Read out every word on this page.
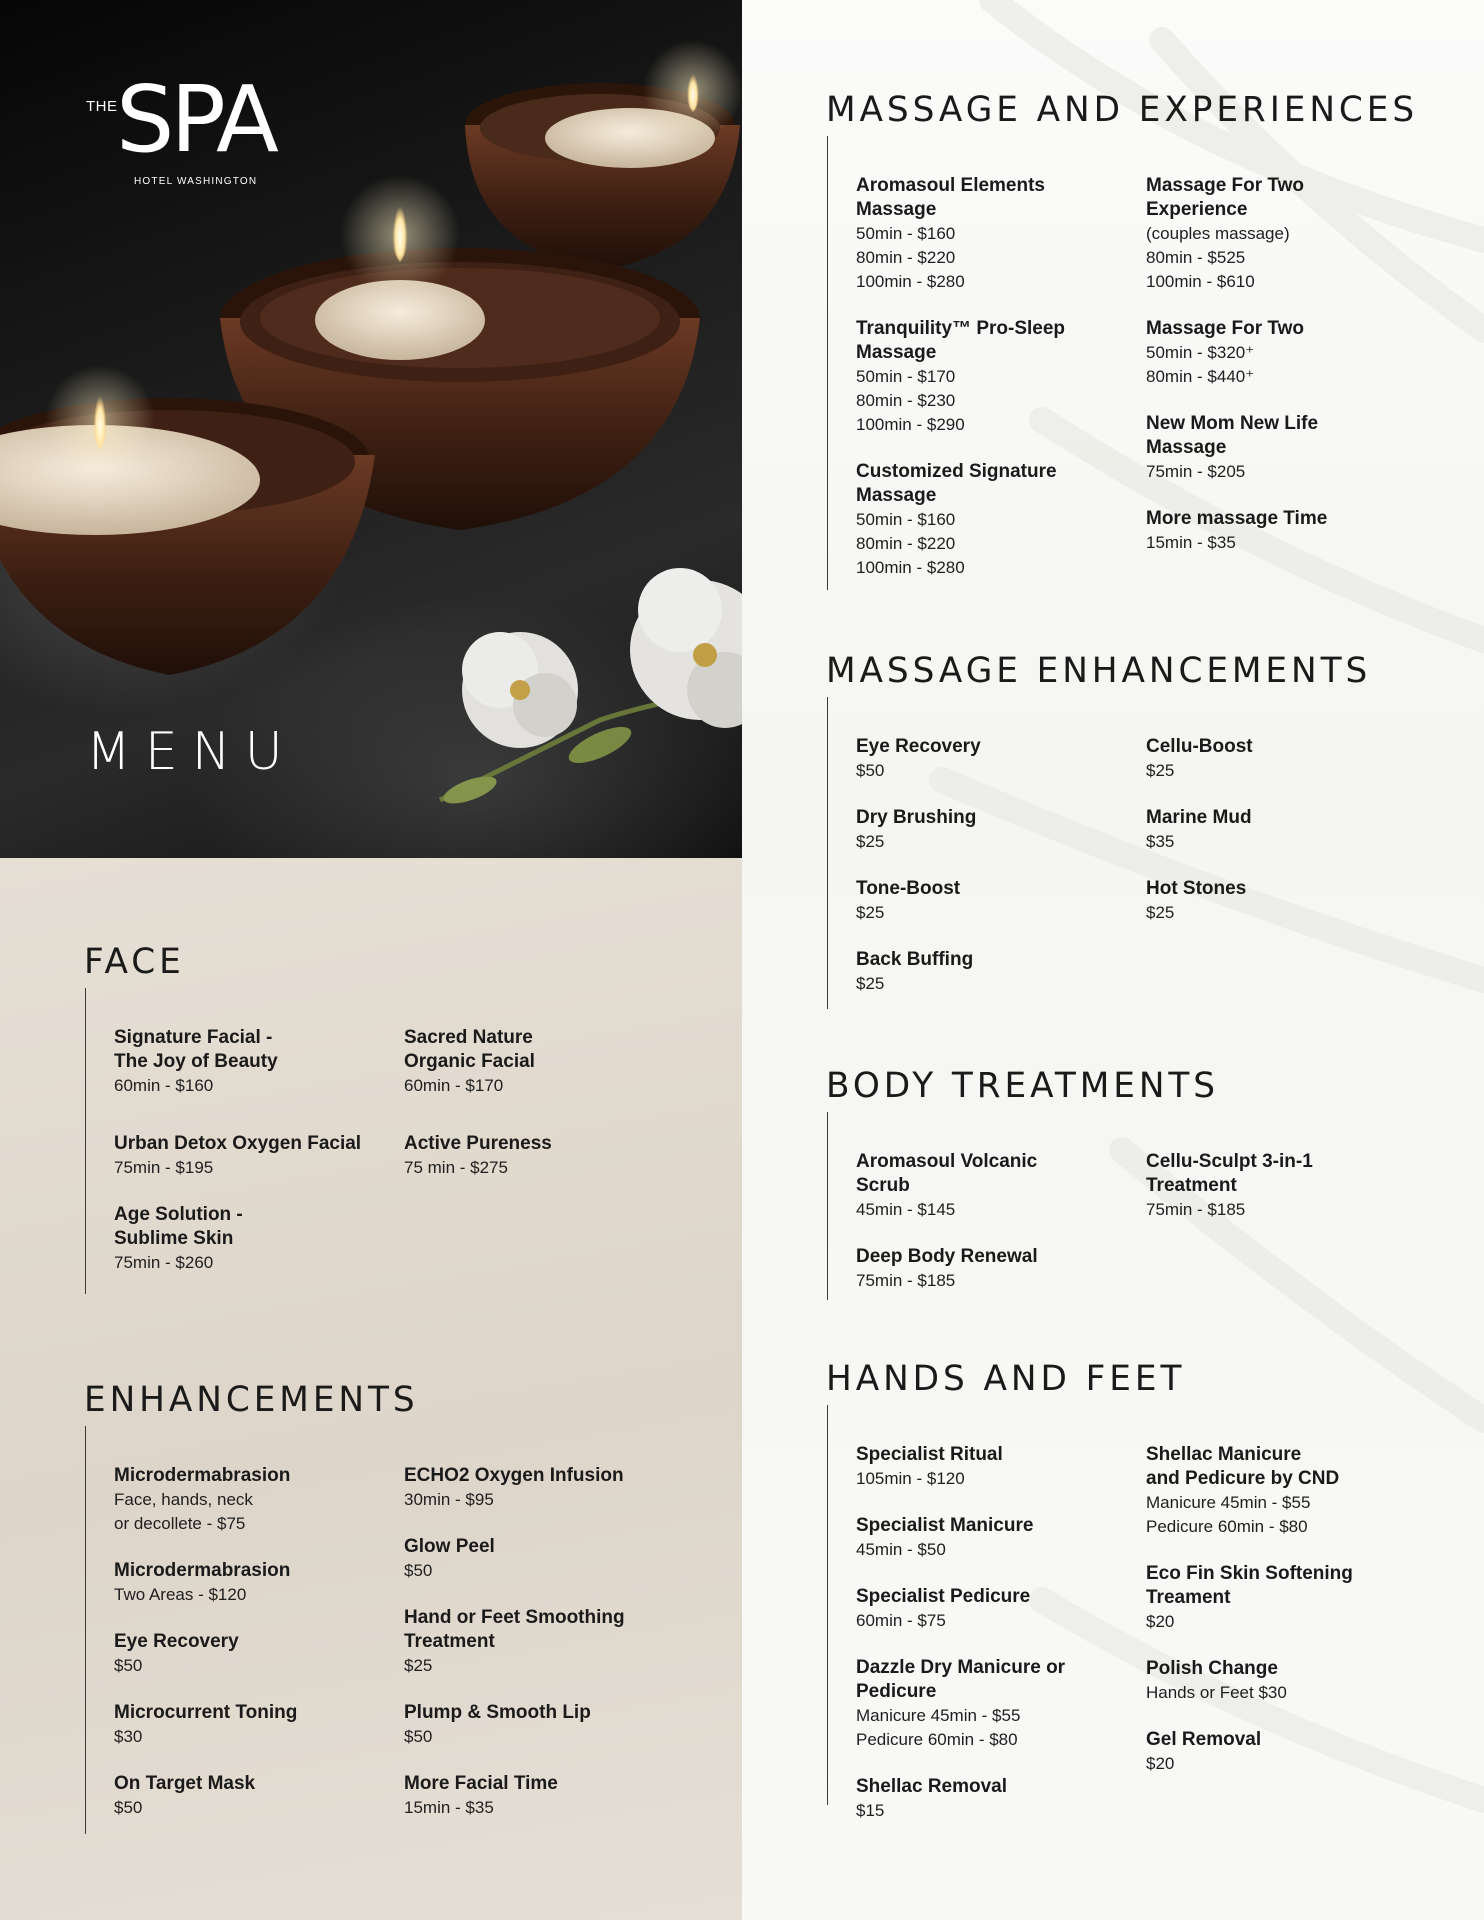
THE
SPA
HOTEL WASHINGTON
MENU
FACE
Signature Facial -
The Joy of Beauty
60min - $160
Urban Detox Oxygen Facial
75min - $195
Age Solution -
Sublime Skin
75min - $260
Sacred Nature
Organic Facial
60min - $170
Active Pureness
75 min - $275
ENHANCEMENTS
Microdermabrasion
Face, hands, neck
or decollete - $75
Microdermabrasion
Two Areas - $120
Eye Recovery
$50
Microcurrent Toning
$30
On Target Mask
$50
ECHO2 Oxygen Infusion
30min - $95
Glow Peel
$50
Hand or Feet Smoothing
Treatment
$25
Plump & Smooth Lip
$50
More Facial Time
15min - $35
MASSAGE AND EXPERIENCES
Aromasoul Elements
Massage
50min - $160
80min - $220
100min - $280
Tranquility™ Pro-Sleep
Massage
50min - $170
80min - $230
100min - $290
Customized Signature
Massage
50min - $160
80min - $220
100min - $280
Massage For Two
Experience
(couples massage)
80min - $525
100min - $610
Massage For Two
50min - $320⁺
80min - $440⁺
New Mom New Life
Massage
75min - $205
More massage Time
15min - $35
MASSAGE ENHANCEMENTS
Eye Recovery
$50
Dry Brushing
$25
Tone-Boost
$25
Back Buffing
$25
Cellu-Boost
$25
Marine Mud
$35
Hot Stones
$25
BODY TREATMENTS
Aromasoul Volcanic
Scrub
45min - $145
Deep Body Renewal
75min - $185
Cellu-Sculpt 3-in-1
Treatment
75min - $185
HANDS AND FEET
Specialist Ritual
105min - $120
Specialist Manicure
45min - $50
Specialist Pedicure
60min - $75
Dazzle Dry Manicure or
Pedicure
Manicure 45min - $55
Pedicure 60min - $80
Shellac Removal
$15
Shellac Manicure
and Pedicure by CND
Manicure 45min - $55
Pedicure 60min - $80
Eco Fin Skin Softening
Treament
$20
Polish Change
Hands or Feet $30
Gel Removal
$20
